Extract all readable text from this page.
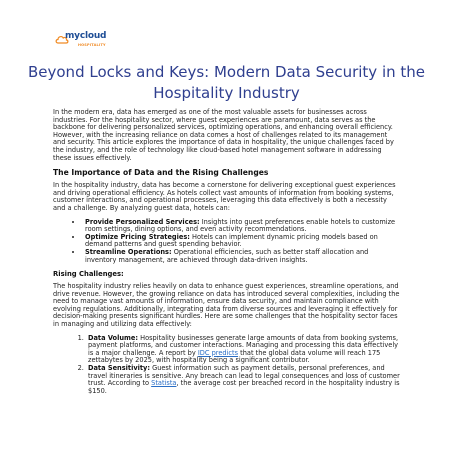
mycloud
HOSPITALITY
Beyond Locks and Keys: Modern Data Security in the Hospitality Industry

In the modern era, data has emerged as one of the most valuable assets for businesses across industries. For the hospitality sector, where guest experiences are paramount, data serves as the backbone for delivering personalized services, optimizing operations, and enhancing overall efficiency. However, with the increasing reliance on data comes a host of challenges related to its management and security. This article explores the importance of data in hospitality, the unique challenges faced by the industry, and the role of technology like cloud-based hotel management software in addressing these issues effectively.

The Importance of Data and the Rising Challenges

In the hospitality industry, data has become a cornerstone for delivering exceptional guest experiences and driving operational efficiency. As hotels collect vast amounts of information from booking systems, customer interactions, and operational processes, leveraging this data effectively is both a necessity and a challenge. By analyzing guest data, hotels can:

• Provide Personalized Services: Insights into guest preferences enable hotels to customize room settings, dining options, and even activity recommendations.
• Optimize Pricing Strategies: Hotels can implement dynamic pricing models based on demand patterns and guest spending behavior.
• Streamline Operations: Operational efficiencies, such as better staff allocation and inventory management, are achieved through data-driven insights.
Rising Challenges:

The hospitality industry relies heavily on data to enhance guest experiences, streamline operations, and drive revenue. However, the growing reliance on data has introduced several complexities, including the need to manage vast amounts of information, ensure data security, and maintain compliance with evolving regulations. Additionally, integrating data from diverse sources and leveraging it effectively for decision-making presents significant hurdles. Here are some challenges that the hospitality sector faces in managing and utilizing data effectively:

1. Data Volume: Hospitality businesses generate large amounts of data from booking systems, payment platforms, and customer interactions. Managing and processing this data effectively is a major challenge. A report by IDC predicts that the global data volume will reach 175 zettabytes by 2025, with hospitality being a significant contributor.
2. Data Sensitivity: Guest information such as payment details, personal preferences, and travel itineraries is sensitive. Any breach can lead to legal consequences and loss of customer trust. According to Statista, the average cost per breached record in the hospitality industry is $150.
